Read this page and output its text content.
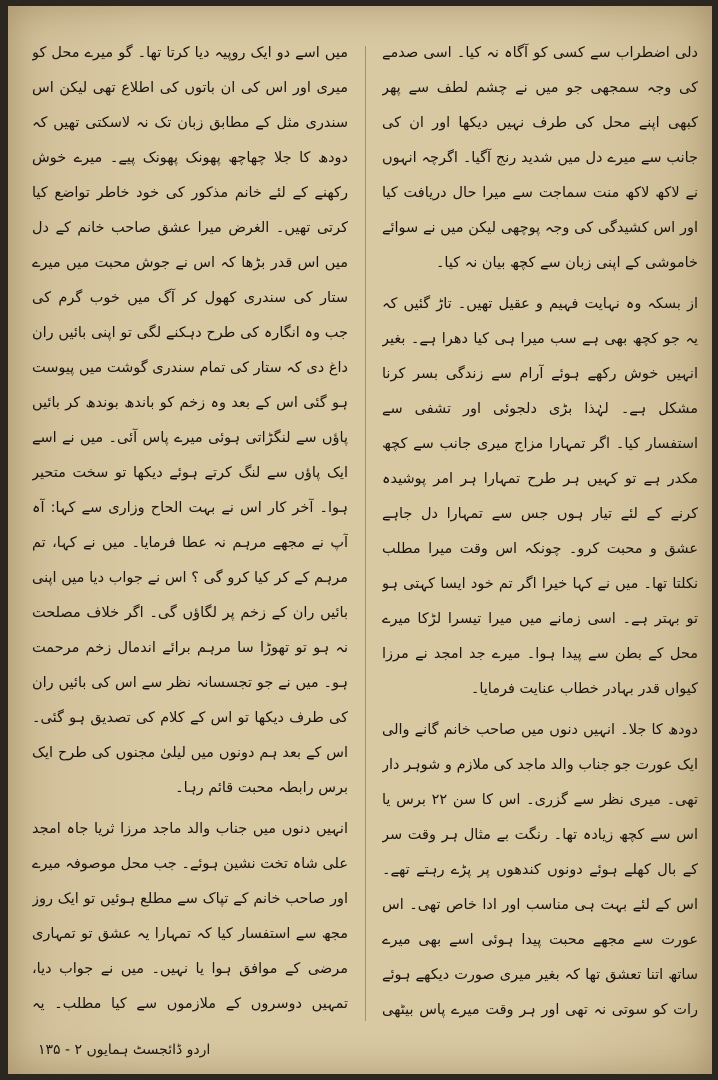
دلی اضطراب سے کسی کو آگاہ نہ کیا۔ اسی صدمے کی وجہ سمجھی جو میں نے چشم لطف سے پھر کبھی اپنے محل کی طرف نہیں دیکھا اور ان کی جانب سے میرے دل میں شدید رنج آگیا۔ اگرچہ انہوں نے لاکھ لاکھ منت سماجت سے میرا حال دریافت کیا اور اس کشیدگی کی وجہ پوچھی لیکن میں نے سوائے خاموشی کے اپنی زبان سے کچھ بیان نہ کیا۔

از بسکہ وہ نہایت فہیم و عقیل تھیں۔ تاڑ گئیں کہ یہ جو کچھ بھی ہے سب میرا ہی کیا دھرا ہے۔ بغیر انہیں خوش رکھے ہوئے آرام سے زندگی بسر کرنا مشکل ہے۔ لہٰذا بڑی دلجوئی اور تشفی سے استفسار کیا۔ اگر تمہارا مزاج میری جانب سے کچھ مکدر ہے تو کہیں ہر طرح تمہارا ہر امر پوشیدہ کرنے کے لئے تیار ہوں جس سے تمہارا دل جاہے عشق و محبت کرو۔ چونکہ اس وقت میرا مطلب نکلتا تھا۔ میں نے کہا خیرا اگر تم خود ایسا کہتی ہو تو بہتر ہے۔ اسی زمانے میں میرا تیسرا لڑکا میرے محل کے بطن سے پیدا ہوا۔ میرے جد امجد نے مرزا کیواں قدر بہادر خطاب عنایت فرمایا۔

دودھ کا جلا۔ انہیں دنوں میں صاحب خانم گانے والی ایک عورت جو جناب والد ماجد کی ملازم و شوہر دار تھی۔ میری نظر سے گزری۔ اس کا سن ۲۲ برس یا اس سے کچھ زیادہ تھا۔ رنگت بے مثال ہر وقت سر کے بال کھلے ہوئے دونوں کندھوں پر پڑے رہتے تھے۔ اس کے لئے بہت ہی مناسب اور ادا خاص تھی۔ اس عورت سے مجھے محبت پیدا ہوئی اسے بھی میرے ساتھ اتنا تعشق تھا کہ بغیر میری صورت دیکھے ہوئے رات کو سوتی نہ تھی اور ہر وقت میرے پاس بیٹھی

میں اسے دو ایک روپیہ دیا کرتا تھا۔ گو میرے محل کو میری اور اس کی ان باتوں کی اطلاع تھی لیکن اس سندری مثل کے مطابق زبان تک نہ لاسکتی تھیں کہ دودھ کا جلا چھاچھ پھونک پھونک پیے۔ میرے خوش رکھنے کے لئے خانم مذکور کی خود خاطر تواضع کیا کرتی تھیں۔ الغرض میرا عشق صاحب خانم کے دل میں اس قدر بڑھا کہ اس نے جوش محبت میں میرے ستار کی سندری کھول کر آگ میں خوب گرم کی جب وہ انگارہ کی طرح دہکنے لگی تو اپنی بائیں ران داغ دی کہ ستار کی تمام سندری گوشت میں پیوست ہو گئی اس کے بعد وہ زخم کو باندھ بوندھ کر بائیں پاؤں سے لنگڑاتی ہوئی میرے پاس آئی۔ میں نے اسے ایک پاؤں سے لنگ کرتے ہوئے دیکھا تو سخت متحیر ہوا۔ آخر کار اس نے بہت الحاح وزاری سے کہا: آہ آپ نے مجھے مرہم نہ عطا فرمایا۔ میں نے کہا، تم مرہم کے کر کیا کرو گی ؟ اس نے جواب دیا میں اپنی بائیں ران کے زخم پر لگاؤں گی۔ اگر خلاف مصلحت نہ ہو تو تھوڑا سا مرہم برائے اندمال زخم مرحمت ہو۔ میں نے جو تجسسانہ نظر سے اس کی بائیں ران کی طرف دیکھا تو اس کے کلام کی تصدیق ہو گئی۔ اس کے بعد ہم دونوں میں لیلیٰ مجنوں کی طرح ایک برس رابطہ محبت قائم رہا۔

انہیں دنوں میں جناب والد ماجد مرزا ثریا جاہ امجد علی شاہ تخت نشین ہوئے۔ جب محل موصوفہ میرے اور صاحب خانم کے تپاک سے مطلع ہوئیں تو ایک روز مجھ سے استفسار کیا کہ تمہارا یہ عشق تو تمہاری مرضی کے موافق ہوا یا نہیں۔ میں نے جواب دیا، تمہیں دوسروں کے ملازموں سے کیا مطلب۔ یہ

اردو ڈائجسٹ ہمایوں ۲ - ۱۳۵
